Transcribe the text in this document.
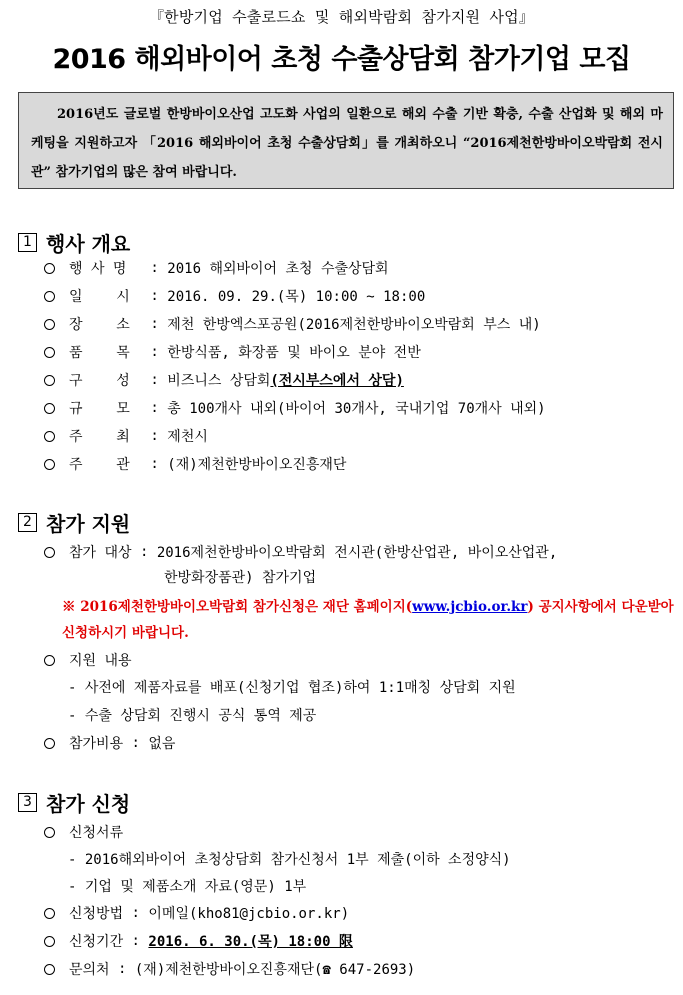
『한방기업 수출로드쇼 및 해외박람회 참가지원 사업』
2016 해외바이어 초청 수출상담회 참가기업 모집
2016년도 글로벌 한방바이오산업 고도화 사업의 일환으로 해외 수출 기반 확충, 수출 산업화 및 해외 마케팅을 지원하고자 「2016 해외바이어 초청 수출상담회」를 개최하오니 “2016제천한방바이오박람회 전시관” 참가기업의 많은 참여 바랍니다.
1 행사 개요
행 사 명	: 2016 해외바이어 초청 수출상담회
일    시 : 2016. 09. 29.(목) 10:00 ~ 18:00
장    소 : 제천 한방엑스포공원(2016제천한방바이오박람회 부스 내)
품    목 : 한방식품, 화장품 및 바이오 분야 전반
구    성 : 비즈니스 상담회 (전시부스에서 상담)
규    모 : 총 100개사 내외(바이어 30개사, 국내기업 70개사 내외)
주    최 : 제천시
주    관 : (재)제천한방바이오진흥재단
2 참가 지원
참가 대상 : 2016제천한방바이오박람회 전시관(한방산업관, 바이오산업관,
한방화장품관) 참가기업
※ 2016제천한방바이오박람회 참가신청은 재단 홈페이지(www.jcbio.or.kr) 공지사항에서 다운받아 신청하시기 바랍니다.
지원 내용
- 사전에 제품자료를 배포(신청기업 협조)하여 1:1매칭 상담회 지원
- 수출 상담회 진행시 공식 통역 제공
참가비용 : 없음
3 참가 신청
신청서류
- 2016해외바이어 초청상담회 참가신청서 1부 제출(이하 소정양식)
- 기업 및 제품소개 자료(영문) 1부
신청방법 : 이메일(kho81@jcbio.or.kr)
신청기간 : 2016. 6. 30.(목) 18:00 限
문의처 : (재)제천한방바이오진흥재단(☎ 647-2693)
